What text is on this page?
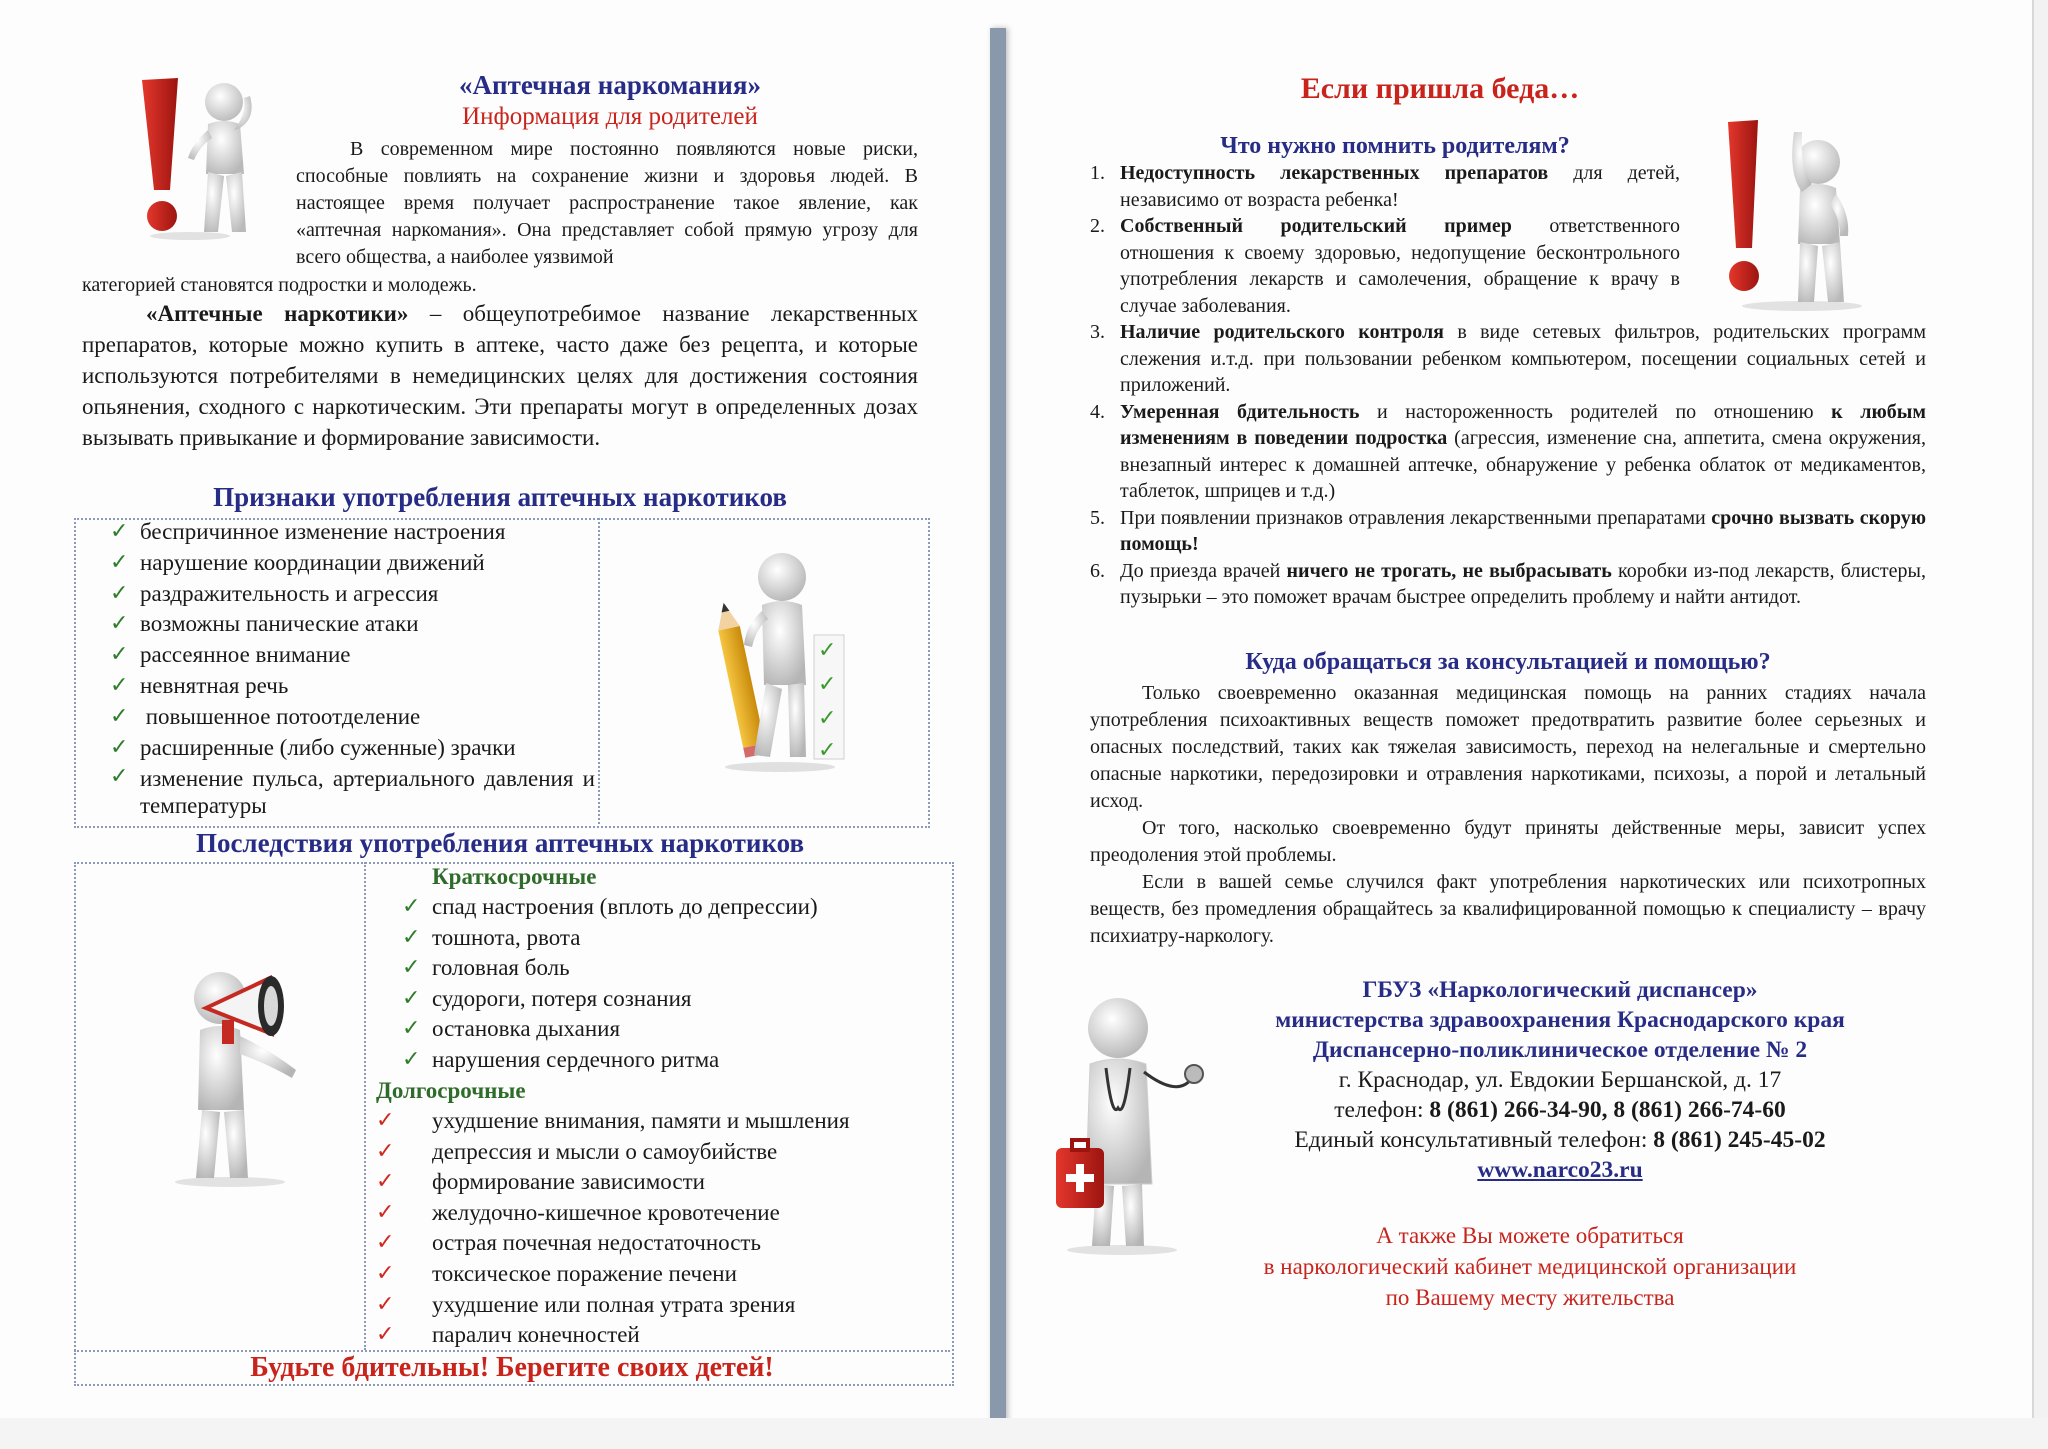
«Аптечная наркомания»
Информация для родителей
В современном мире постоянно появляются новые риски, способные повлиять на сохранение жизни и здоровья людей. В настоящее время получает распространение такое явление, как «аптечная наркомания». Она представляет собой прямую угрозу для всего общества, а наиболее уязвимой
категорией становятся подростки и молодежь.
«Аптечные наркотики» – общеупотребимое название лекарственных препаратов, которые можно купить в аптеке, часто даже без рецепта, и которые используются потребителями в немедицинских целях для достижения состояния опьянения, сходного с наркотическим. Эти препараты могут в определенных дозах вызывать привыкание и формирование зависимости.
Признаки употребления аптечных наркотиков
✓ беспричинное изменение настроения
✓ нарушение координации движений
✓ раздражительность и агрессия
✓ возможны панические атаки
✓ рассеянное внимание
✓ невнятная речь
✓ повышенное потоотделение
✓ расширенные (либо суженные) зрачки
✓ изменение пульса, артериального давления и температуры
✓
✓
✓
✓
Последствия употребления аптечных наркотиков
Краткосрочные
✓ спад настроения (вплоть до депрессии)
✓ тошнота, рвота
✓ головная боль
✓ судороги, потеря сознания
✓ остановка дыхания
✓ нарушения сердечного ритма
Долгосрочные
✓ ухудшение внимания, памяти и мышления
✓ депрессия и мысли о самоубийстве
✓ формирование зависимости
✓ желудочно-кишечное кровотечение
✓ острая почечная недостаточность
✓ токсическое поражение печени
✓ ухудшение или полная утрата зрения
✓ паралич конечностей
Будьте бдительны! Берегите своих детей!
Если пришла беда…
Что нужно помнить родителям?
1. Недоступность лекарственных препаратов для детей, независимо от возраста ребенка!
2. Собственный родительский пример ответственного отношения к своему здоровью, недопущение бесконтрольного употребления лекарств и самолечения, обращение к врачу в случае заболевания.
3. Наличие родительского контроля в виде сетевых фильтров, родительских программ слежения и.т.д. при пользовании ребенком компьютером, посещении социальных сетей и приложений.
4. Умеренная бдительность и настороженность родителей по отношению к любым изменениям в поведении подростка (агрессия, изменение сна, аппетита, смена окружения, внезапный интерес к домашней аптечке, обнаружение у ребенка облаток от медикаментов, таблеток, шприцев и т.д.)
5. При появлении признаков отравления лекарственными препаратами срочно вызвать скорую помощь!
6. До приезда врачей ничего не трогать, не выбрасывать коробки из-под лекарств, блистеры, пузырьки – это поможет врачам быстрее определить проблему и найти антидот.
Куда обращаться за консультацией и помощью?

Только своевременно оказанная медицинская помощь на ранних стадиях начала употребления психоактивных веществ поможет предотвратить развитие более серьезных и опасных последствий, таких как тяжелая зависимость, переход на нелегальные и смертельно опасные наркотики, передозировки и отравления наркотиками, психозы, а порой и летальный исход.

От того, насколько своевременно будут приняты действенные меры, зависит успех преодоления этой проблемы.

Если в вашей семье случился факт употребления наркотических или психотропных веществ, без промедления обращайтесь за квалифицированной помощью к специалисту – врачу психиатру-наркологу.

ГБУЗ «Наркологический диспансер»
министерства здравоохранения Краснодарского края
Диспансерно-поликлиническое отделение № 2
г. Краснодар, ул. Евдокии Бершанской, д. 17
телефон: 8 (861) 266-34-90, 8 (861) 266-74-60
Единый консультативный телефон: 8 (861) 245-45-02
www.narco23.ru
А также Вы можете обратиться
в наркологический кабинет медицинской организации
по Вашему месту жительства
